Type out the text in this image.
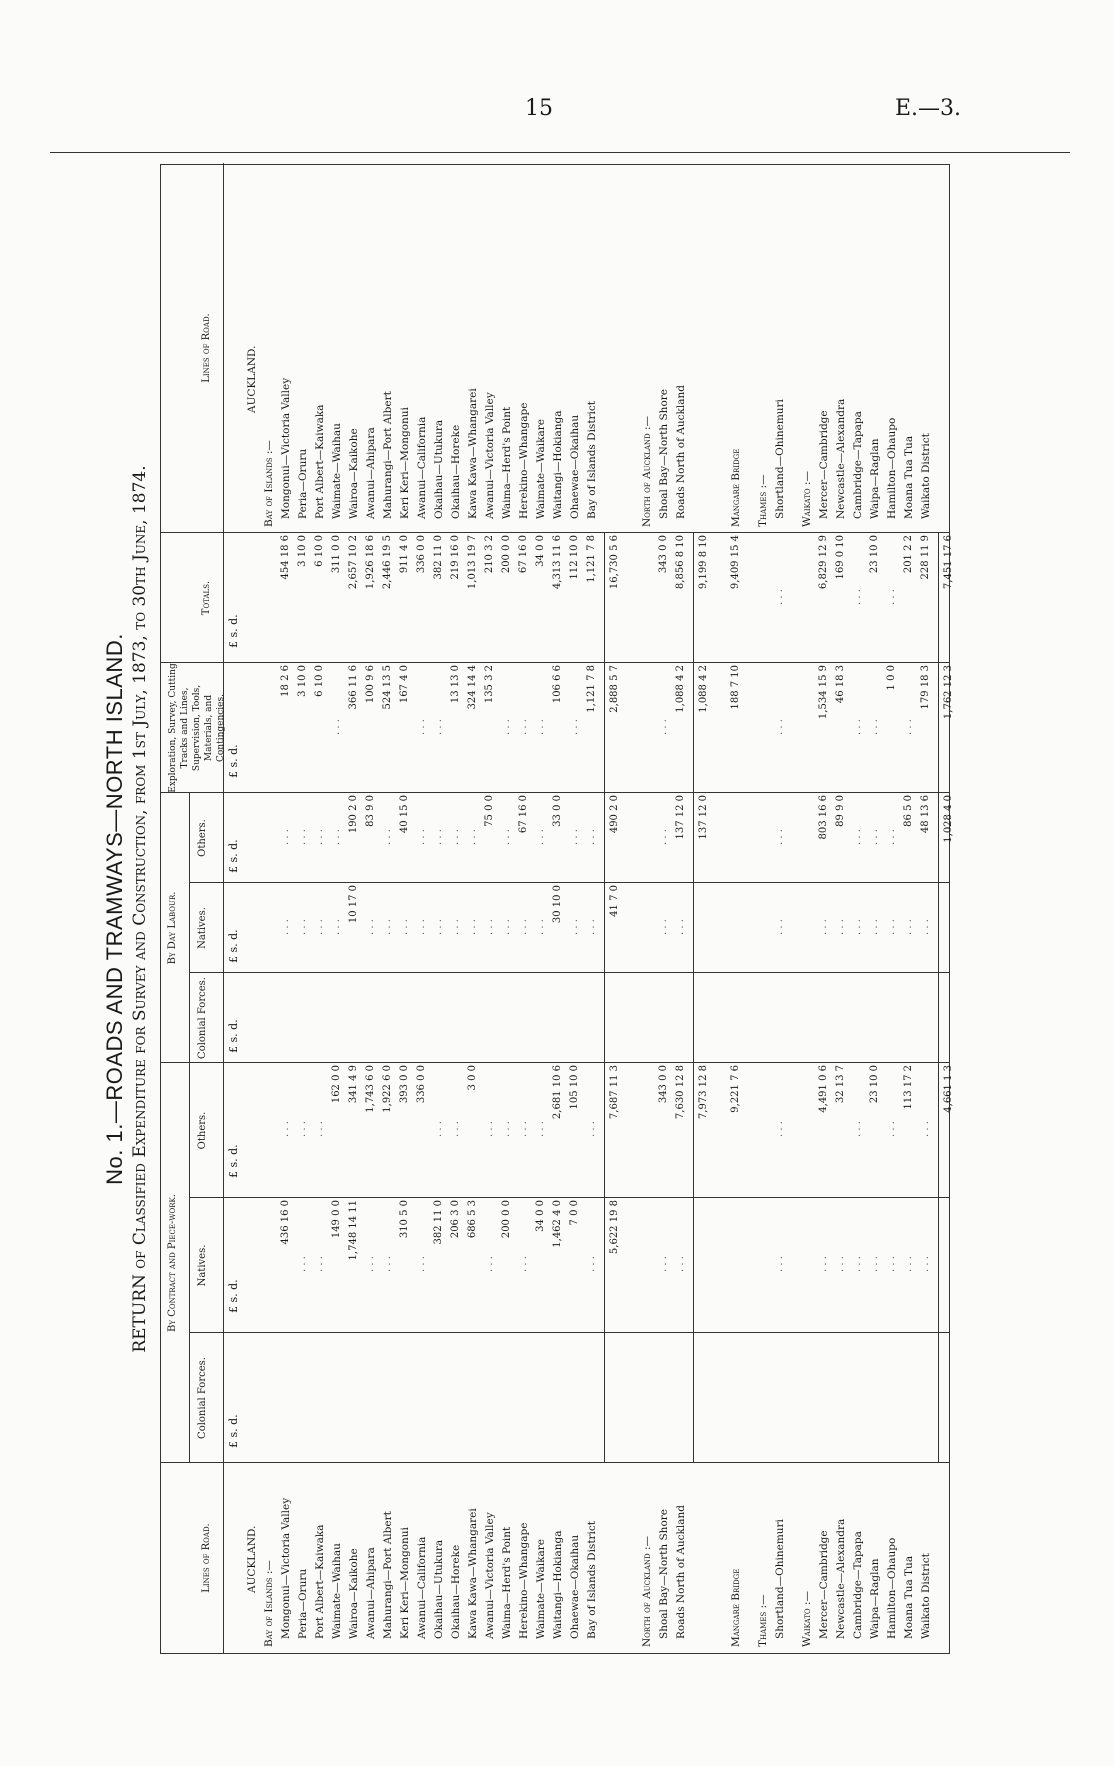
15	E.—3.
No. 1.—ROADS AND TRAMWAYS—NORTH ISLAND. RETURN of Classified Expenditure for Survey and Construction, from 1st July, 1873, to 30th June, 1874.
Lines of Road.
By Contract and Piece-work.
By Day Labour.
Colonial Forces.
Natives.
Others.
Colonial Forces.
Natives.
Others.
Exploration, Survey, Cutting Tracks and Lines, Supervision, Tools, Materials, and Contingencies.
Totals.
Lines of Road.
£ s. d.
£ s. d.
£ s. d.
£ s. d.
£ s. d.
£ s. d.
£ s. d.
£ s. d.
AUCKLAND.
AUCKLAND.
Bay of Islands :—
Bay of Islands :—
Mongonui—Victoria Valley
Mongonui—Victoria Valley
436 16 0
. . .
. . .
. . .
18 2 6
454 18 6
Peria—Oruru
Peria—Oruru
. . .
. . .
. . .
. . .
3 10 0
3 10 0
Port Albert—Kaiwaka
Port Albert—Kaiwaka
. . .
. . .
. . .
. . .
6 10 0
6 10 0
Waimate—Waihau
Waimate—Waihau
149 0 0
162 0 0
. . .
. . .
. . .
311 0 0
Wairoa—Kaikohe
Wairoa—Kaikohe
1,748 14 11
341 4 9
10 17 0
190 2 0
366 11 6
2,657 10 2
Awanui—Ahipara
Awanui—Ahipara
. . .
1,743 6 0
. . .
83 9 0
100 9 6
1,926 18 6
Mahurangi—Port Albert
Mahurangi—Port Albert
. . .
1,922 6 0
. . .
. . .
524 13 5
2,446 19 5
Keri Keri—Mongonui
Keri Keri—Mongonui
310 5 0
393 0 0
. . .
40 15 0
167 4 0
911 4 0
Awanui—California
Awanui—California
. . .
336 0 0
. . .
. . .
. . .
336 0 0
Okaihau—Utukura
Okaihau—Utukura
382 11 0
. . .
. . .
. . .
. . .
382 11 0
Okaihau—Horeke
Okaihau—Horeke
206 3 0
. . .
. . .
. . .
13 13 0
219 16 0
Kawa Kawa—Whangarei
Kawa Kawa—Whangarei
686 5 3
3 0 0
. . .
. . .
324 14 4
1,013 19 7
Awanui—Victoria Valley
Awanui—Victoria Valley
. . .
. . .
. . .
75 0 0
135 3 2
210 3 2
Waima—Herd's Point
Waima—Herd's Point
200 0 0
. . .
. . .
. . .
. . .
200 0 0
Herekino—Whangape
Herekino—Whangape
. . .
. . .
. . .
67 16 0
. . .
67 16 0
Waimate—Waikare
Waimate—Waikare
34 0 0
. . .
. . .
. . .
. . .
34 0 0
Waitangi—Hokianga
Waitangi—Hokianga
1,462 4 0
2,681 10 6
30 10 0
33 0 0
106 6 6
4,313 11 6
Ohaewae—Okaihau
Ohaewae—Okaihau
7 0 0
105 10 0
. . .
. . .
. . .
112 10 0
Bay of Islands District
Bay of Islands District
. . .
. . .
. . .
. . .
1,121 7 8
1,121 7 8
5,622 19 8
7,687 11 3
41 7 0
490 2 0
2,888 5 7
16,730 5 6
North of Auckland :—
North of Auckland :—
Shoal Bay—North Shore
Shoal Bay—North Shore
. . .
343 0 0
. . .
. . .
. . .
343 0 0
Roads North of Auckland
Roads North of Auckland
. . .
7,630 12 8
. . .
137 12 0
1,088 4 2
8,856 8 10
7,973 12 8
137 12 0
1,088 4 2
9,199 8 10
Mangare Bridge
Mangare Bridge
9,221 7 6
188 7 10
9,409 15 4
Thames :—
Thames :—
Shortland—Ohinemuri
Shortland—Ohinemuri
. . .
. . .
. . .
. . .
. . .
. . .
Waikato :—
Waikato :—
Mercer—Cambridge
Mercer—Cambridge
. . .
4,491 0 6
. . .
803 16 6
1,534 15 9
6,829 12 9
Newcastle—Alexandra
Newcastle—Alexandra
. . .
32 13 7
. . .
89 9 0
46 18 3
169 0 10
Cambridge—Tapapa
Cambridge—Tapapa
. . .
. . .
. . .
. . .
. . .
. . .
Waipa—Raglan
Waipa—Raglan
. . .
23 10 0
. . .
. . .
. . .
23 10 0
Hamilton—Ohaupo
Hamilton—Ohaupo
. . .
. . .
. . .
. . .
1 0 0
. . .
Moana Tua Tua
Moana Tua Tua
. . .
113 17 2
. . .
86 5 0
. . .
201 2 2
Waikato District
Waikato District
. . .
. . .
. . .
48 13 6
179 18 3
228 11 9
4,661 1 3
1,028 4 0
1,762 12 3
7,451 17 6
